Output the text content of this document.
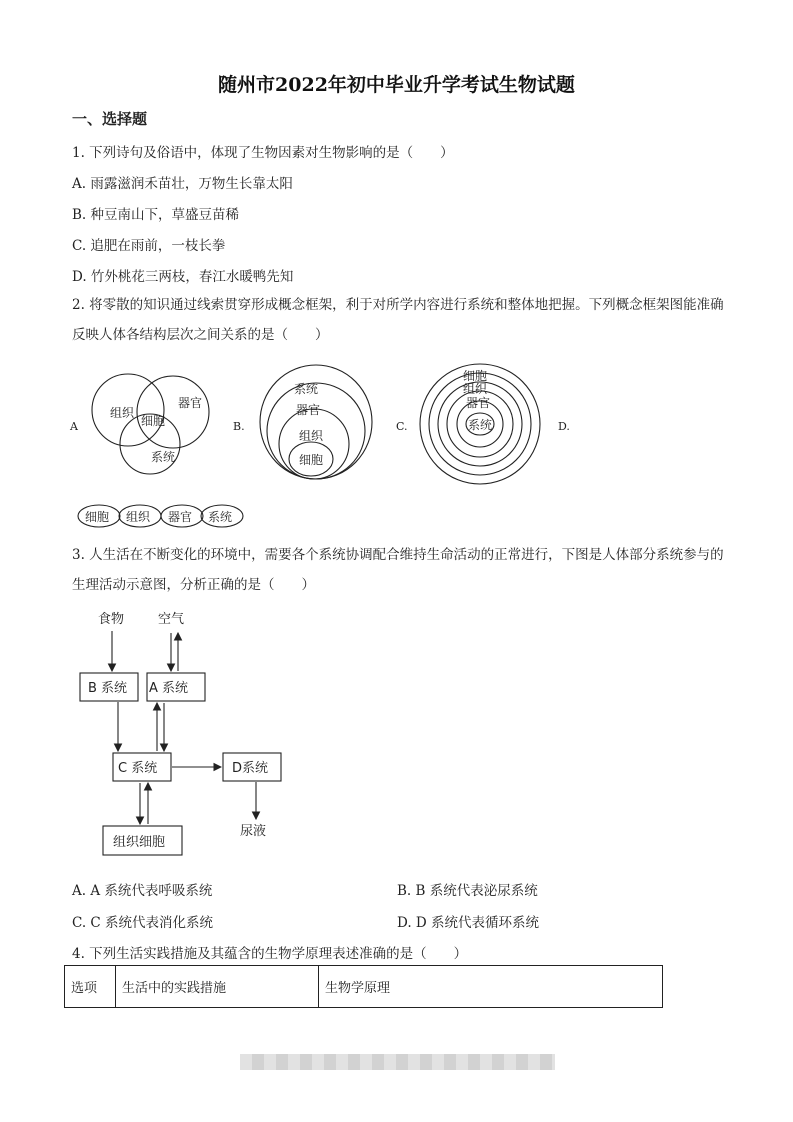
随州市2022年初中毕业升学考试生物试题
一、选择题
1. 下列诗句及俗语中，体现了生物因素对生物影响的是（　　）
A. 雨露滋润禾苗壮，万物生长靠太阳
B. 种豆南山下，草盛豆苗稀
C. 追肥在雨前，一枝长拳
D. 竹外桃花三两枝，春江水暖鸭先知
2. 将零散的知识通过线索贯穿形成概念框架，利于对所学内容进行系统和整体地把握。下列概念框架图能准确反映人体各结构层次之间关系的是（　　）
A
组织
器官
细胞
系统
B.
系统
器官
组织
细胞
C.
细胞
组织
器官
系统	D.
细胞 组织 器官 系统
3. 人生活在不断变化的环境中，需要各个系统协调配合维持生命活动的正常进行，下图是人体部分系统参与的生理活动示意图，分析正确的是（　　）
食物	空气
B 系统 A 系统
C 系统	D系统
组织细胞
尿液
A. A 系统代表呼吸系统	B. B 系统代表泌尿系统
C. C 系统代表消化系统	D. D 系统代表循环系统
4. 下列生活实践措施及其蕴含的生物学原理表述准确的是（　　）
选项	生活中的实践措施	生物学原理
